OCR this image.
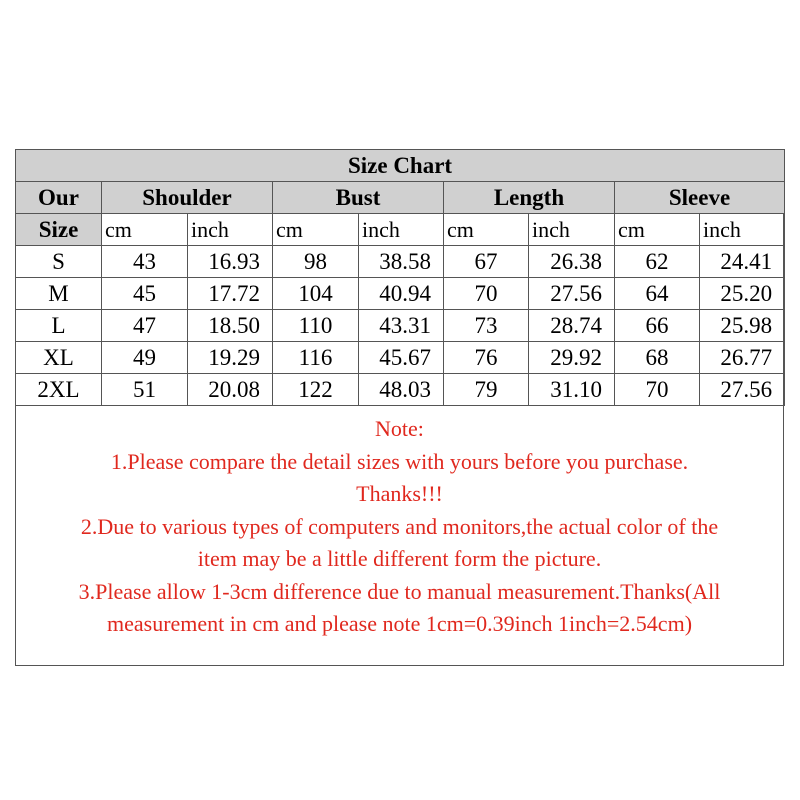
Size Chart								
Our	Shoulder		Bust		Length		Sleeve	
Size	cm	inch	cm	inch	cm	inch	cm	inch
S	43	16.93	98	38.58	67	26.38	62	24.41
M	45	17.72	104	40.94	70	27.56	64	25.20
L	47	18.50	110	43.31	73	28.74	66	25.98
XL	49	19.29	116	45.67	76	29.92	68	26.77
2XL	51	20.08	122	48.03	79	31.10	70	27.56
Note:
1.Please compare the detail sizes with yours before you purchase.
Thanks!!!
2.Due to various types of computers and monitors,the actual color of the
item may be a little different form the picture.
3.Please allow 1-3cm difference due to manual measurement.Thanks(All
measurement in cm and please note 1cm=0.39inch 1inch=2.54cm)
